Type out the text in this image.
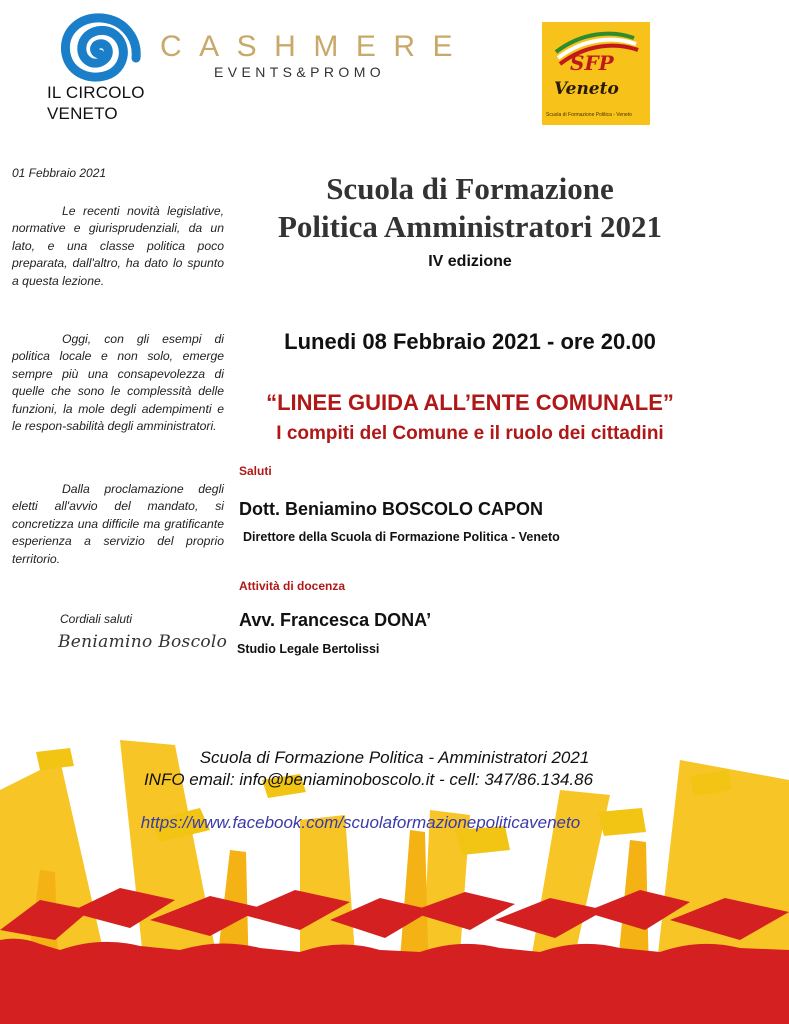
IL CIRCOLO
VENETO
CASHMERE
EVENTS&PROMO	SFP
Veneto
Scuola di Formazione Politica - Veneto
01 Febbraio 2021

Le recenti novità legislative, normative e giurisprudenziali, da un lato, e una classe politica poco preparata, dall'altro, ha dato lo spunto a questa lezione.

Oggi, con gli esempi di politica locale e non solo, emerge sempre più una consapevolezza di quelle che sono le complessità delle funzioni, la mole degli adempimenti e le respon-sabilità degli amministratori.

Dalla proclamazione degli eletti all'avvio del mandato, si concretizza una difficile ma gratificante esperienza a servizio del proprio territorio.

Cordiali saluti
Beniamino Boscolo
Scuola di Formazione
Politica Amministratori 2021
IV edizione
Lunedi 08 Febbraio 2021 - ore 20.00
“LINEE GUIDA ALL’ENTE COMUNALE”
I compiti del Comune e il ruolo dei cittadini
Saluti
Dott. Beniamino BOSCOLO CAPON
Direttore della Scuola di Formazione Politica - Veneto
Attività di docenza
Avv. Francesca DONA’
Studio Legale Bertolissi
Scuola di Formazione Politica - Amministratori 2021
INFO email: info@beniaminoboscolo.it - cell: 347/86.134.86
https://www.facebook.com/scuolaformazionepoliticaveneto
